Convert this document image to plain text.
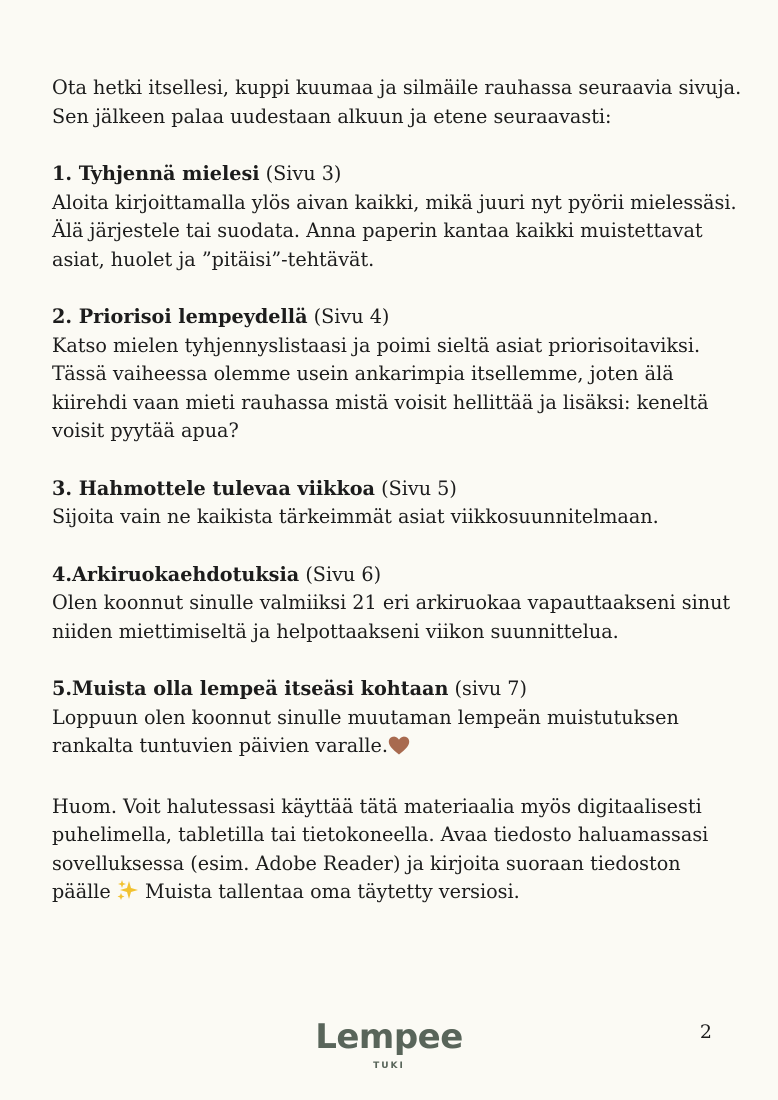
Ota hetki itsellesi, kuppi kuumaa ja silmäile rauhassa seuraavia sivuja. Sen jälkeen palaa uudestaan alkuun ja etene seuraavasti:

1. Tyhjennä mielesi (Sivu 3)
Aloita kirjoittamalla ylös aivan kaikki, mikä juuri nyt pyörii mielessäsi. Älä järjestele tai suodata. Anna paperin kantaa kaikki muistettavat asiat, huolet ja ”pitäisi”-tehtävät.

2. Priorisoi lempeydellä (Sivu 4)
Katso mielen tyhjennyslistaasi ja poimi sieltä asiat priorisoitaviksi. Tässä vaiheessa olemme usein ankarimpia itsellemme, joten älä kiirehdi vaan mieti rauhassa mistä voisit hellittää ja lisäksi: keneltä voisit pyytää apua?

3. Hahmottele tulevaa viikkoa (Sivu 5)
Sijoita vain ne kaikista tärkeimmät asiat viikkosuunnitelmaan.

4.Arkiruokaehdotuksia (Sivu 6)
Olen koonnut sinulle valmiiksi 21 eri arkiruokaa vapauttaakseni sinut niiden miettimiseltä ja helpottaakseni viikon suunnittelua.

5.Muista olla lempeä itseäsi kohtaan (sivu 7)
Loppuun olen koonnut sinulle muutaman lempeän muistutuksen rankalta tuntuvien päivien varalle.

Huom. Voit halutessasi käyttää tätä materiaalia myös digitaalisesti puhelimella, tabletilla tai tietokoneella. Avaa tiedosto haluamassasi sovelluksessa (esim. Adobe Reader) ja kirjoita suoraan tiedoston päälle Muista tallentaa oma täytetty versiosi.

Lempee
TUKI
2
